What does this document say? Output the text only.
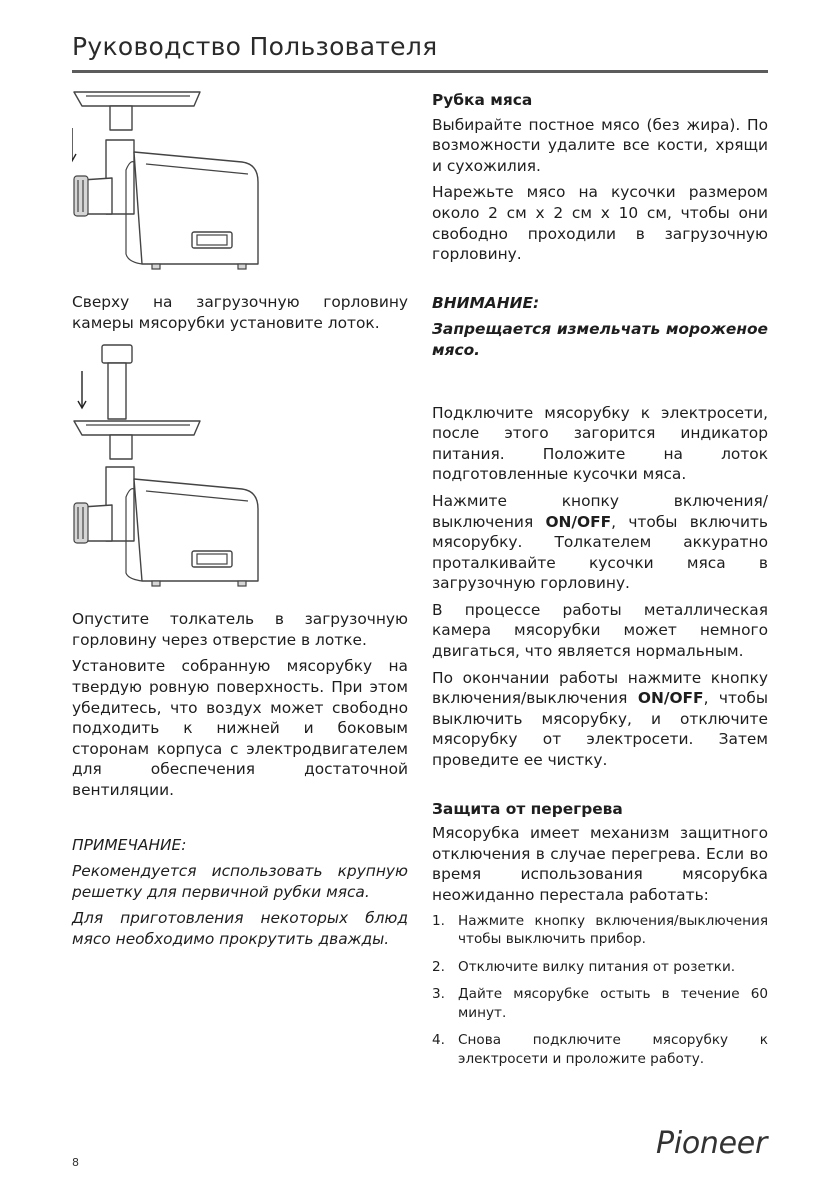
Руководство Пользователя

Сверху на загрузочную горловину камеры мясорубки установите лоток.

Опустите толкатель в загрузочную горловину через отверстие в лотке.

Установите собранную мясорубку на твердую ровную поверхность. При этом убедитесь, что воздух может свободно подходить к нижней и боковым сторонам корпуса с электродвигателем для обеспечения достаточной вентиляции.

ПРИМЕЧАНИЕ:

Рекомендуется использовать крупную решетку для первичной рубки мяса.

Для приготовления некоторых блюд мясо необходимо прокрутить дважды.

Рубка мяса

Выбирайте постное мясо (без жира). По возможности удалите все кости, хрящи и сухожилия.

Нарежьте мясо на кусочки размером около 2 см х 2 см х 10 см, чтобы они свободно проходили в загрузочную горловину.

ВНИМАНИЕ:

Запрещается измельчать мороженое мясо.

Подключите мясорубку к электросети, после этого загорится индикатор питания. Положите на лоток подготовленные кусочки мяса.

Нажмите кнопку включения/выключения ON/OFF, чтобы включить мясорубку. Толкателем аккуратно проталкивайте кусочки мяса в загрузочную горловину.

В процессе работы металлическая камера мясорубки может немного двигаться, что является нормальным.

По окончании работы нажмите кнопку включения/выключения ON/OFF, чтобы выключить мясорубку, и отключите мясорубку от электросети. Затем проведите ее чистку.

Защита от перегрева

Мясорубка имеет механизм защитного отключения в случае перегрева. Если во время использования мясорубка неожиданно перестала работать:

1. Нажмите кнопку включения/выключения чтобы выключить прибор.
2. Отключите вилку питания от розетки.
3. Дайте мясорубке остыть в течение 60 минут.
4. Снова подключите мясорубку к электросети и проложите работу.
8
Pioneer
